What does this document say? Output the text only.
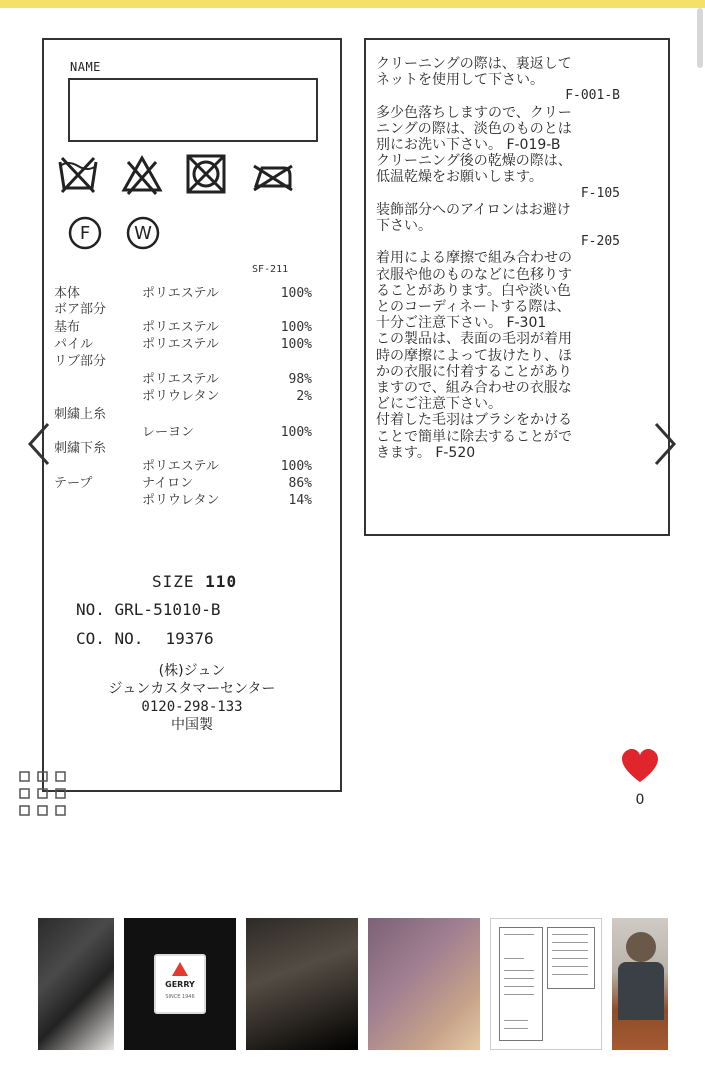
NAME
F W
SF-211
本体	ポリエステル	100%
ボア部分
基布	ポリエステル	100%
パイル	ポリエステル	100%
リブ部分
ポリエステル	98%
ポリウレタン	2%
刺繍上糸
レーヨン	100%
刺繍下糸
ポリエステル	100%
テープ	ナイロン	86%
ポリウレタン	14%
SIZE 110
NO. GRL-51010-B
CO. NO. 19376
(株)ジュン
ジュンカスタマーセンター
0120-298-133
中国製
クリーニングの際は、裏返して
ネットを使用して下さい。
F-001-B
多少色落ちしますので、クリー
ニングの際は、淡色のものとは
別にお洗い下さい。 F-019-B
クリーニング後の乾燥の際は、
低温乾燥をお願いします。
F-105
装飾部分へのアイロンはお避け
下さい。
F-205
着用による摩擦で組み合わせの
衣服や他のものなどに色移りす
ることがあります。白や淡い色
とのコーディネートする際は、
十分ご注意下さい。 F-301
この製品は、表面の毛羽が着用
時の摩擦によって抜けたり、ほ
かの衣服に付着することがあり
ますので、組み合わせの衣服な
どにご注意下さい。
付着した毛羽はブラシをかける
ことで簡単に除去することがで
きます。 F-520
0
GERRY
SINCE 1946
